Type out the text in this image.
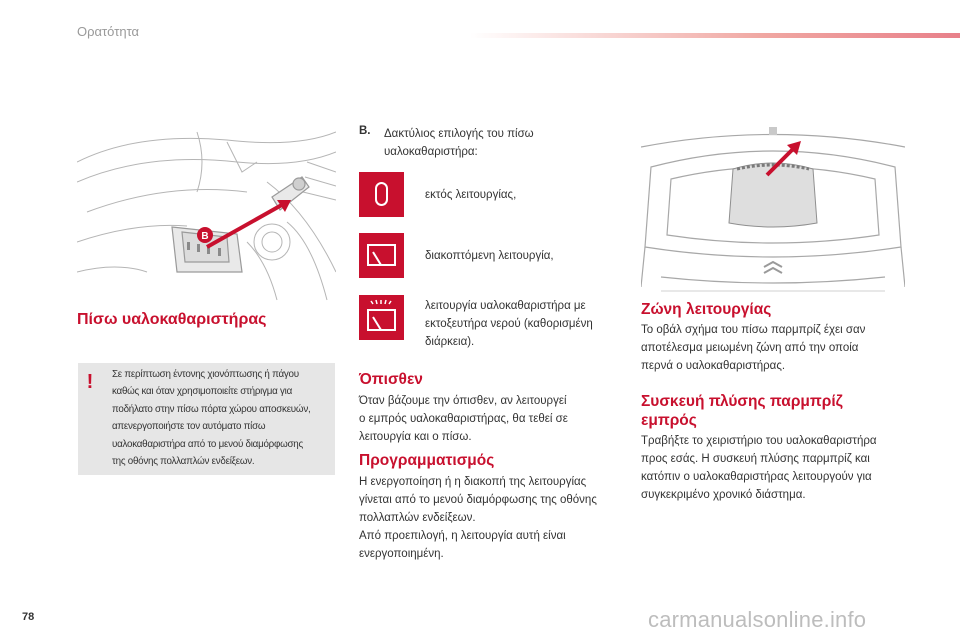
Ορατότητα
B
Πίσω υαλοκαθαριστήρας
! Σε περίπτωση έντονης χιονόπτωσης ή πάγου
καθώς και όταν χρησιμοποιείτε στήριγμα για
ποδήλατο στην πίσω πόρτα χώρου αποσκευών,
απενεργοποιήστε τον αυτόματο πίσω
υαλοκαθαριστήρα από το μενού διαμόρφωσης
της οθόνης πολλαπλών ενδείξεων.
B. Δακτύλιος επιλογής του πίσω
υαλοκαθαριστήρα:
εκτός λειτουργίας,
διακοπτόμενη λειτουργία,
λειτουργία υαλοκαθαριστήρα με
εκτοξευτήρα νερού (καθορισμένη
διάρκεια).
Όπισθεν
Όταν βάζουμε την όπισθεν, αν λειτουργεί
ο εμπρός υαλοκαθαριστήρας, θα τεθεί σε
λειτουργία και ο πίσω.
Προγραμματισμός
Η ενεργοποίηση ή η διακοπή της λειτουργίας
γίνεται από το μενού διαμόρφωσης της οθόνης
πολλαπλών ενδείξεων.
Από προεπιλογή, η λειτουργία αυτή είναι
ενεργοποιημένη.
Ζώνη λειτουργίας
Το οβάλ σχήμα του πίσω παρμπρίζ έχει σαν
αποτέλεσμα μειωμένη ζώνη από την οποία
περνά ο υαλοκαθαριστήρας.
Συσκευή πλύσης παρμπρίζ
εμπρός
Τραβήξτε το χειριστήριο του υαλοκαθαριστήρα
προς εσάς. Η συσκευή πλύσης παρμπρίζ και
κατόπιν ο υαλοκαθαριστήρας λειτουργούν για
συγκεκριμένο χρονικό διάστημα.
78	carmanualsonline.info
